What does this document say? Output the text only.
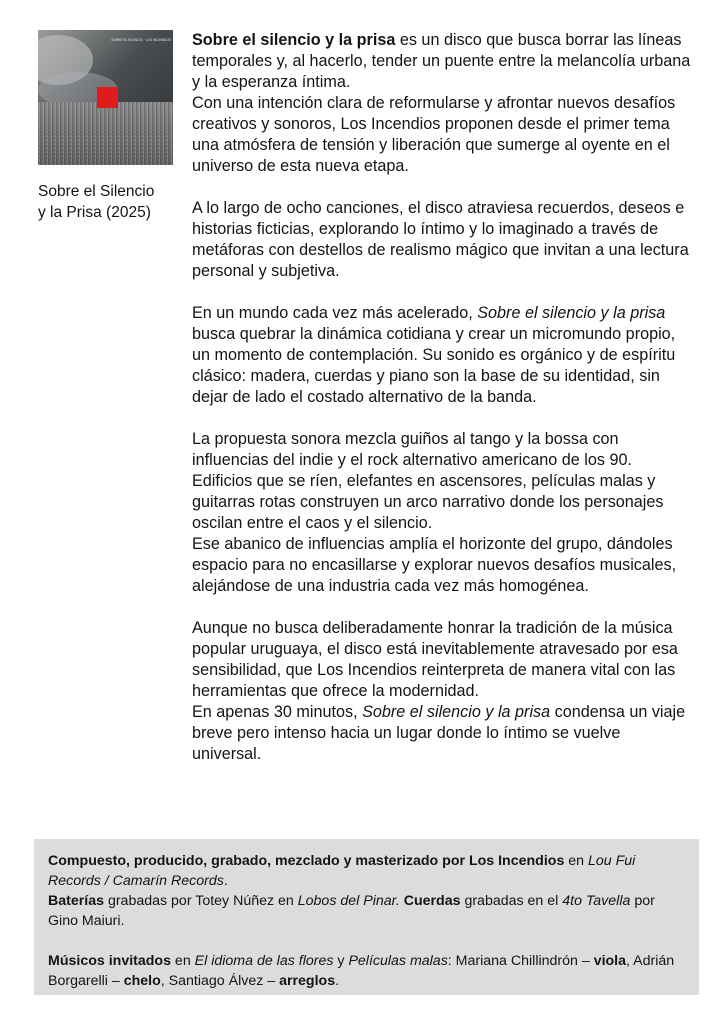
SOBRE EL SILENCIO · LOS INCENDIOS
Sobre el Silencio
y la Prisa (2025)

Sobre el silencio y la prisa es un disco que busca borrar las líneas temporales y, al hacerlo, tender un puente entre la melancolía urbana y la esperanza íntima.
Con una intención clara de reformularse y afrontar nuevos desafíos creativos y sonoros, Los Incendios proponen desde el primer tema una atmósfera de tensión y liberación que sumerge al oyente en el universo de esta nueva etapa.

A lo largo de ocho canciones, el disco atraviesa recuerdos, deseos e historias ficticias, explorando lo íntimo y lo imaginado a través de metáforas con destellos de realismo mágico que invitan a una lectura personal y subjetiva.

En un mundo cada vez más acelerado, Sobre el silencio y la prisa busca quebrar la dinámica cotidiana y crear un micromundo propio, un momento de contemplación. Su sonido es orgánico y de espíritu clásico: madera, cuerdas y piano son la base de su identidad, sin dejar de lado el costado alternativo de la banda.

La propuesta sonora mezcla guiños al tango y la bossa con influencias del indie y el rock alternativo americano de los 90. Edificios que se ríen, elefantes en ascensores, películas malas y guitarras rotas construyen un arco narrativo donde los personajes oscilan entre el caos y el silencio.
Ese abanico de influencias amplía el horizonte del grupo, dándoles espacio para no encasillarse y explorar nuevos desafíos musicales, alejándose de una industria cada vez más homogénea.

Aunque no busca deliberadamente honrar la tradición de la música popular uruguaya, el disco está inevitablemente atravesado por esa sensibilidad, que Los Incendios reinterpreta de manera vital con las herramientas que ofrece la modernidad.
En apenas 30 minutos, Sobre el silencio y la prisa condensa un viaje breve pero intenso hacia un lugar donde lo íntimo se vuelve universal.

Compuesto, producido, grabado, mezclado y masterizado por Los Incendios en Lou Fui Records / Camarín Records.
Baterías grabadas por Totey Núñez en Lobos del Pinar. Cuerdas grabadas en el 4to Tavella por Gino Maiuri.

Músicos invitados en El idioma de las flores y Películas malas: Mariana Chillindrón – viola, Adrián Borgarelli – chelo, Santiago Álvez – arreglos.
